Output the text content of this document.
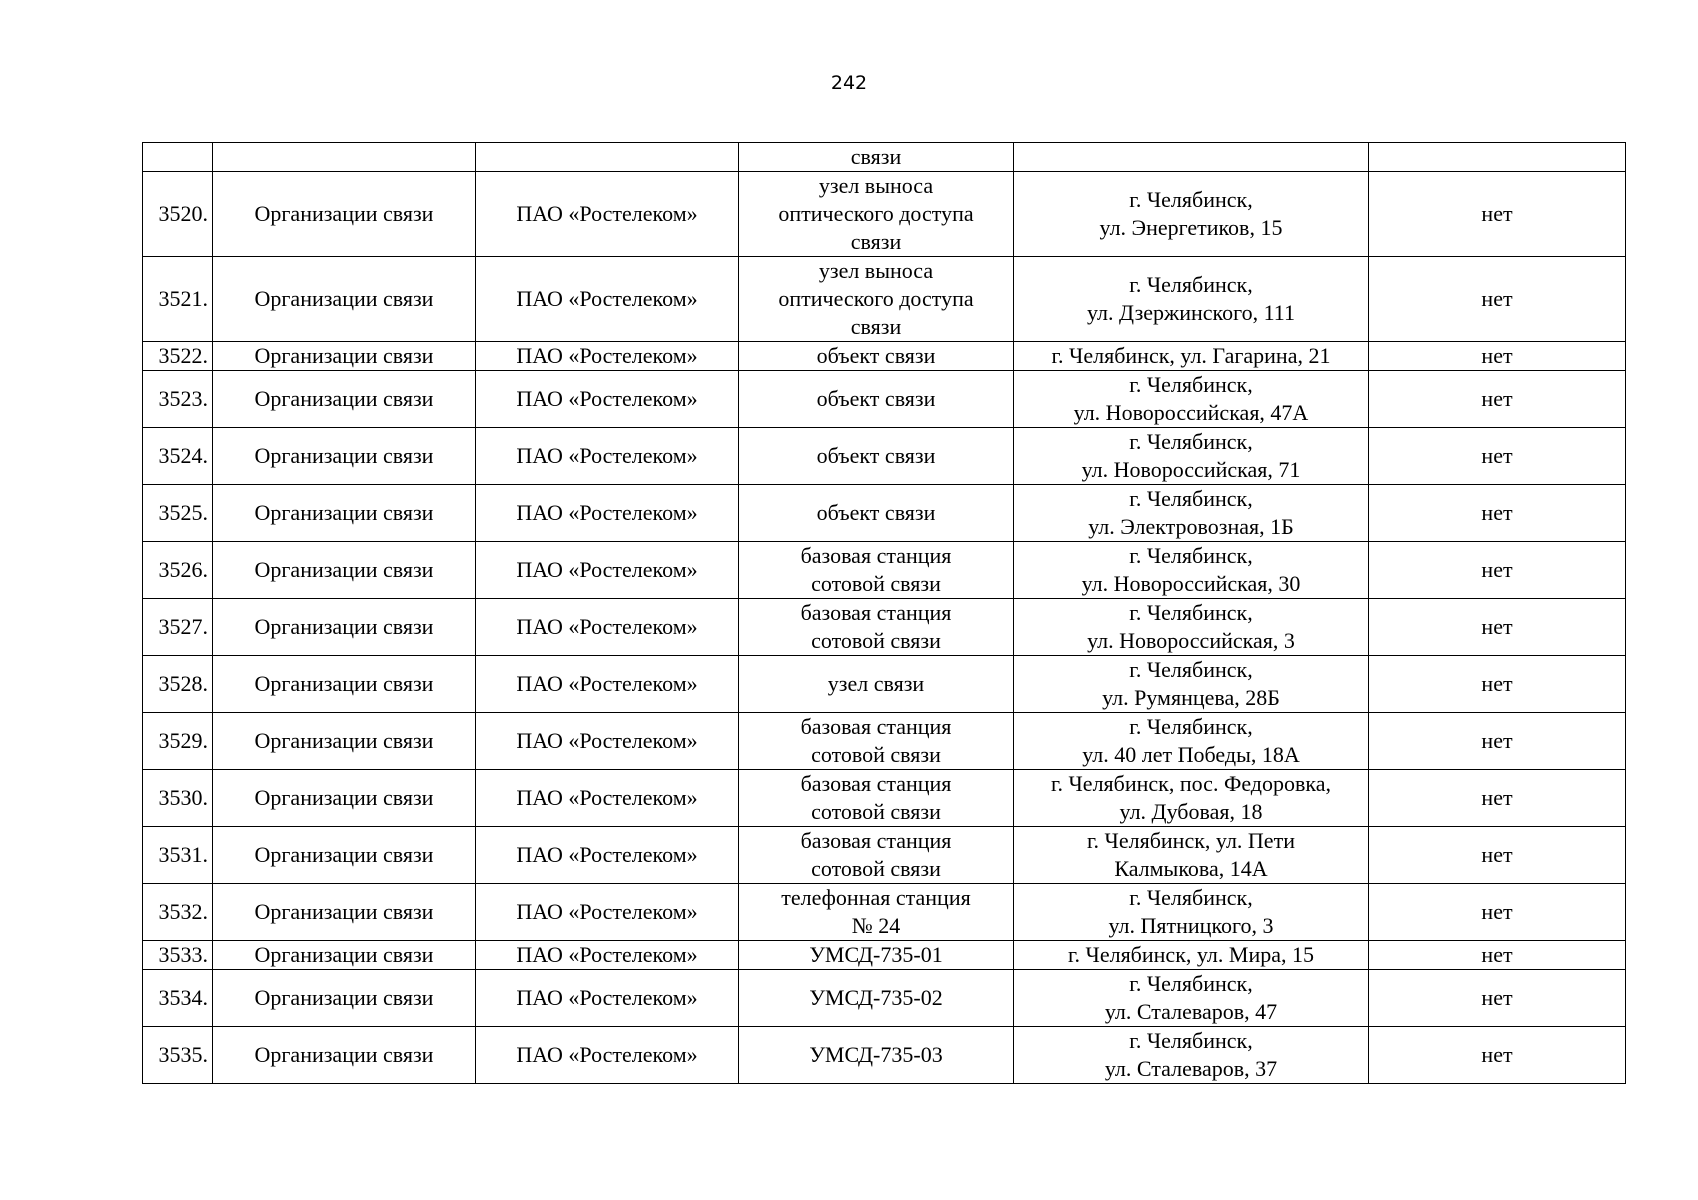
242
			связи		
3520.	Организации связи	ПАО «Ростелеком»	узел выноса
оптического доступа
связи	г. Челябинск,
ул. Энергетиков, 15	нет
3521.	Организации связи	ПАО «Ростелеком»	узел выноса
оптического доступа
связи	г. Челябинск,
ул. Дзержинского, 111	нет
3522.	Организации связи	ПАО «Ростелеком»	объект связи	г. Челябинск, ул. Гагарина, 21	нет
3523.	Организации связи	ПАО «Ростелеком»	объект связи	г. Челябинск,
ул. Новороссийская, 47А	нет
3524.	Организации связи	ПАО «Ростелеком»	объект связи	г. Челябинск,
ул. Новороссийская, 71	нет
3525.	Организации связи	ПАО «Ростелеком»	объект связи	г. Челябинск,
ул. Электровозная, 1Б	нет
3526.	Организации связи	ПАО «Ростелеком»	базовая станция
сотовой связи	г. Челябинск,
ул. Новороссийская, 30	нет
3527.	Организации связи	ПАО «Ростелеком»	базовая станция
сотовой связи	г. Челябинск,
ул. Новороссийская, 3	нет
3528.	Организации связи	ПАО «Ростелеком»	узел связи	г. Челябинск,
ул. Румянцева, 28Б	нет
3529.	Организации связи	ПАО «Ростелеком»	базовая станция
сотовой связи	г. Челябинск,
ул. 40 лет Победы, 18А	нет
3530.	Организации связи	ПАО «Ростелеком»	базовая станция
сотовой связи	г. Челябинск, пос. Федоровка,
ул. Дубовая, 18	нет
3531.	Организации связи	ПАО «Ростелеком»	базовая станция
сотовой связи	г. Челябинск, ул. Пети
Калмыкова, 14А	нет
3532.	Организации связи	ПАО «Ростелеком»	телефонная станция
№ 24	г. Челябинск,
ул. Пятницкого, 3	нет
3533.	Организации связи	ПАО «Ростелеком»	УМСД-735-01	г. Челябинск, ул. Мира, 15	нет
3534.	Организации связи	ПАО «Ростелеком»	УМСД-735-02	г. Челябинск,
ул. Сталеваров, 47	нет
3535.	Организации связи	ПАО «Ростелеком»	УМСД-735-03	г. Челябинск,
ул. Сталеваров, 37	нет
